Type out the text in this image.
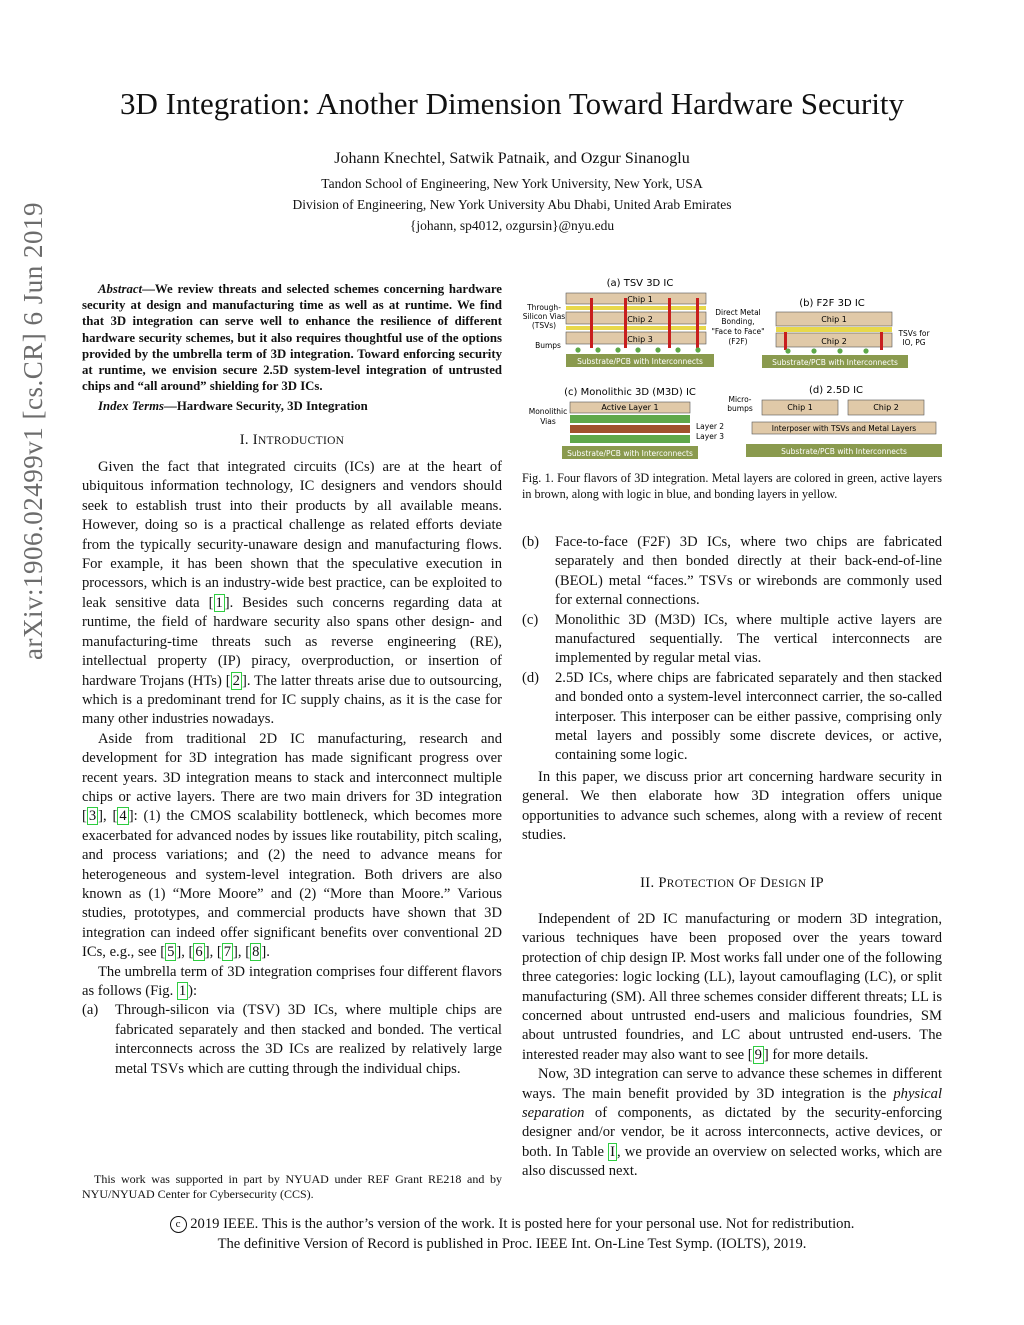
3D Integration: Another Dimension Toward Hardware Security
Johann Knechtel, Satwik Patnaik, and Ozgur Sinanoglu
Tandon School of Engineering, New York University, New York, USA
Division of Engineering, New York University Abu Dhabi, United Arab Emirates
{johann, sp4012, ozgursin}@nyu.edu
arXiv:1906.02499v1 [cs.CR] 6 Jun 2019	Abstract—We review threats and selected schemes concerning hardware security at design and manufacturing time as well as at runtime. We find that 3D integration can serve well to enhance the resilience of different hardware security schemes, but it also requires thoughtful use of the options provided by the umbrella term of 3D integration. Toward enforcing security at runtime, we envision secure 2.5D system-level integration of untrusted chips and “all around” shielding for 3D ICs.

Index Terms—Hardware Security, 3D Integration

I. INTRODUCTION

Given the fact that integrated circuits (ICs) are at the heart of ubiquitous information technology, IC designers and vendors should seek to establish trust into their products by all available means. However, doing so is a practical challenge as related efforts deviate from the typically security-unaware design and manufacturing flows. For example, it has been shown that the speculative execution in processors, which is an industry-wide best practice, can be exploited to leak sensitive data [ 1 ]. Besides such concerns regarding data at runtime, the field of hardware security also spans other design- and manufacturing-time threats such as reverse engineering (RE), intellectual property (IP) piracy, overproduction, or insertion of hardware Trojans (HTs) [ 2 ]. The latter threats arise due to outsourcing, which is a predominant trend for IC supply chains, as it is the case for many other industries nowadays.

Aside from traditional 2D IC manufacturing, research and development for 3D integration has made significant progress over recent years. 3D integration means to stack and interconnect multiple chips or active layers. There are two main drivers for 3D integration [ 3 ], [ 4 ]: (1) the CMOS scalability bottleneck, which becomes more exacerbated for advanced nodes by issues like routability, pitch scaling, and process variations; and (2) the need to advance means for heterogeneous and system-level integration. Both drivers are also known as (1) “More Moore” and (2) “More than Moore.” Various studies, prototypes, and commercial products have shown that 3D integration can indeed offer significant benefits over conventional 2D ICs, e.g., see [ 5 ], [ 6 ], [ 7 ], [ 8 ].

The umbrella term of 3D integration comprises four different flavors as follows (Fig. 1 ):

(a)	Through-silicon via (TSV) 3D ICs, where multiple chips are fabricated separately and then stacked and bonded. The vertical interconnects across the 3D ICs are realized by relatively large metal TSVs which are cutting through the individual chips.
This work was supported in part by NYUAD under REF Grant RE218 and by NYU/NYUAD Center for Cybersecurity (CCS).
(a) TSV 3D IC
Chip 1
Chip 2
Chip 3
Substrate/PCB with Interconnects
Through-
Silicon Vias
(TSVs)
Bumps
(b) F2F 3D IC
Chip 1
Chip 2
Substrate/PCB with Interconnects
Direct Metal
Bonding,
"Face to Face"
(F2F)
TSVs for
IO, PG
(c) Monolithic 3D (M3D) IC
Active Layer 1
Substrate/PCB with Interconnects
Monolithic
Vias
Layer 2
Layer 3
(d) 2.5D IC
Chip 1	Chip 2
Interposer with TSVs and Metal Layers
Substrate/PCB with Interconnects
Micro-
bumps
Fig. 1. Four flavors of 3D integration. Metal layers are colored in green, active layers in brown, along with logic in blue, and bonding layers in yellow.
(b)	Face-to-face (F2F) 3D ICs, where two chips are fabricated separately and then bonded directly at their back-end-of-line (BEOL) metal “faces.” TSVs or wirebonds are commonly used for external connections.
(c)	Monolithic 3D (M3D) ICs, where multiple active layers are manufactured sequentially. The vertical interconnects are implemented by regular metal vias.
(d)	2.5D ICs, where chips are fabricated separately and then stacked and bonded onto a system-level interconnect carrier, the so-called interposer. This interposer can be either passive, comprising only metal layers and possibly some discrete devices, or active, containing some logic.

In this paper, we discuss prior art concerning hardware security in general. We then elaborate how 3D integration offers unique opportunities to advance such schemes, along with a review of recent studies.

II. PROTECTION OF DESIGN IP

Independent of 2D IC manufacturing or modern 3D integration, various techniques have been proposed over the years toward protection of chip design IP. Most works fall under one of the following three categories: logic locking (LL), layout camouflaging (LC), or split manufacturing (SM). All three schemes consider different threats; LL is concerned about untrusted end-users and malicious foundries, SM about untrusted foundries, and LC about untrusted end-users. The interested reader may also want to see [ 9 ] for more details.

Now, 3D integration can serve to advance these schemes in different ways. The main benefit provided by 3D integration is the physical separation of components, as dictated by the security-enforcing designer and/or vendor, be it across interconnects, active devices, or both. In Table I , we provide an overview on selected works, which are also discussed next.

c 2019 IEEE. This is the author’s version of the work. It is posted here for your personal use. Not for redistribution.
The definitive Version of Record is published in Proc. IEEE Int. On-Line Test Symp. (IOLTS), 2019.
